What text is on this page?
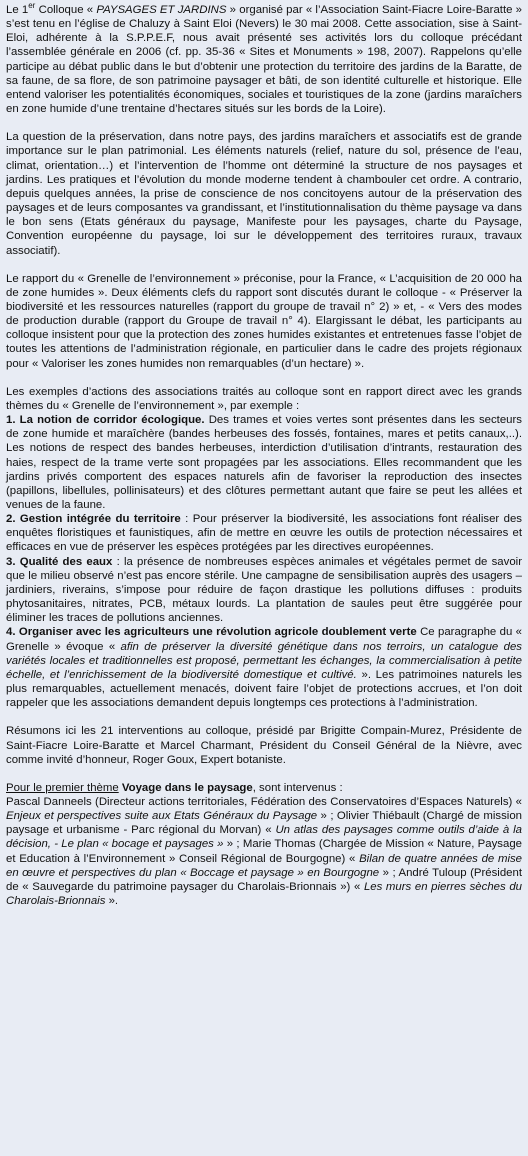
Le 1er Colloque « PAYSAGES ET JARDINS » organisé par « l’Association Saint-Fiacre Loire-Baratte » s’est tenu en l’église de Chaluzy à Saint Eloi (Nevers) le 30 mai 2008. Cette association, sise à Saint-Eloi, adhérente à la S.P.P.E.F, nous avait présenté ses activités lors du colloque précédant l’assemblée générale en 2006 (cf. pp. 35-36 « Sites et Monuments » 198, 2007). Rappelons qu’elle participe au débat public dans le but d’obtenir une protection du territoire des jardins de la Baratte, de sa faune, de sa flore, de son patrimoine paysager et bâti, de son identité culturelle et historique. Elle entend valoriser les potentialités économiques, sociales et touristiques de la zone (jardins maraîchers en zone humide d’une trentaine d’hectares situés sur les bords de la Loire).

La question de la préservation, dans notre pays, des jardins maraîchers et associatifs est de grande importance sur le plan patrimonial. Les éléments naturels (relief, nature du sol, présence de l’eau, climat, orientation…) et l’intervention de l’homme ont déterminé la structure de nos paysages et jardins. Les pratiques et l’évolution du monde moderne tendent à chambouler cet ordre. A contrario, depuis quelques années, la prise de conscience de nos concitoyens autour de la préservation des paysages et de leurs composantes va grandissant, et l’institutionnalisation du thème paysage va dans le bon sens (Etats généraux du paysage, Manifeste pour les paysages, charte du Paysage, Convention européenne du paysage, loi sur le développement des territoires ruraux, travaux associatif).

Le rapport du « Grenelle de l’environnement » préconise, pour la France, « L’acquisition de 20 000 ha de zone humides ». Deux éléments clefs du rapport sont discutés durant le colloque - « Préserver la biodiversité et les ressources naturelles (rapport du groupe de travail n° 2) » et, - « Vers des modes de production durable (rapport du Groupe de travail n° 4). Elargissant le débat, les participants au colloque insistent pour que la protection des zones humides existantes et entretenues fasse l’objet de toutes les attentions de l’administration régionale, en particulier dans le cadre des projets régionaux pour « Valoriser les zones humides non remarquables (d’un hectare) ».

Les exemples d’actions des associations traités au colloque sont en rapport direct avec les grands thèmes du « Grenelle de l’environnement », par exemple :
1. La notion de corridor écologique. Des trames et voies vertes sont présentes dans les secteurs de zone humide et maraîchère (bandes herbeuses des fossés, fontaines, mares et petits canaux,..). Les notions de respect des bandes herbeuses, interdiction d’utilisation d’intrants, restauration des haies, respect de la trame verte sont propagées par les associations. Elles recommandent que les jardins privés comportent des espaces naturels afin de favoriser la reproduction des insectes (papillons, libellules, pollinisateurs) et des clôtures permettant autant que faire se peut les allées et venues de la faune.
2. Gestion intégrée du territoire : Pour préserver la biodiversité, les associations font réaliser des enquêtes floristiques et faunistiques, afin de mettre en œuvre les outils de protection nécessaires et efficaces en vue de préserver les espèces protégées par les directives européennes.
3. Qualité des eaux : la présence de nombreuses espèces animales et végétales permet de savoir que le milieu observé n’est pas encore stérile. Une campagne de sensibilisation auprès des usagers – jardiniers, riverains, s’impose pour réduire de façon drastique les pollutions diffuses : produits phytosanitaires, nitrates, PCB, métaux lourds. La plantation de saules peut être suggérée pour éliminer les traces de pollutions anciennes.
4. Organiser avec les agriculteurs une révolution agricole doublement verte Ce paragraphe du « Grenelle » évoque « afin de préserver la diversité génétique dans nos terroirs, un catalogue des variétés locales et traditionnelles est proposé, permettant les échanges, la commercialisation à petite échelle, et l’enrichissement de la biodiversité domestique et cultivé. ». Les patrimoines naturels les plus remarquables, actuellement menacés, doivent faire l’objet de protections accrues, et l’on doit rappeler que les associations demandent depuis longtemps ces protections à l’administration.

Résumons ici les 21 interventions au colloque, présidé par Brigitte Compain-Murez, Présidente de Saint-Fiacre Loire-Baratte et Marcel Charmant, Président du Conseil Général de la Nièvre, avec comme invité d’honneur, Roger Goux, Expert botaniste.

Pour le premier thème Voyage dans le paysage, sont intervenus :
Pascal Danneels (Directeur actions territoriales, Fédération des Conservatoires d’Espaces Naturels) « Enjeux et perspectives suite aux Etats Généraux du Paysage » ; Olivier Thiébault (Chargé de mission paysage et urbanisme - Parc régional du Morvan) « Un atlas des paysages comme outils d’aide à la décision, - Le plan « bocage et paysages » » ; Marie Thomas (Chargée de Mission « Nature, Paysage et Education à l’Environnement » Conseil Régional de Bourgogne) « Bilan de quatre années de mise en œuvre et perspectives du plan « Boccage et paysage » en Bourgogne » ; André Tuloup (Président de « Sauvegarde du patrimoine paysager du Charolais-Brionnais ») « Les murs en pierres sèches du Charolais-Brionnais ».
